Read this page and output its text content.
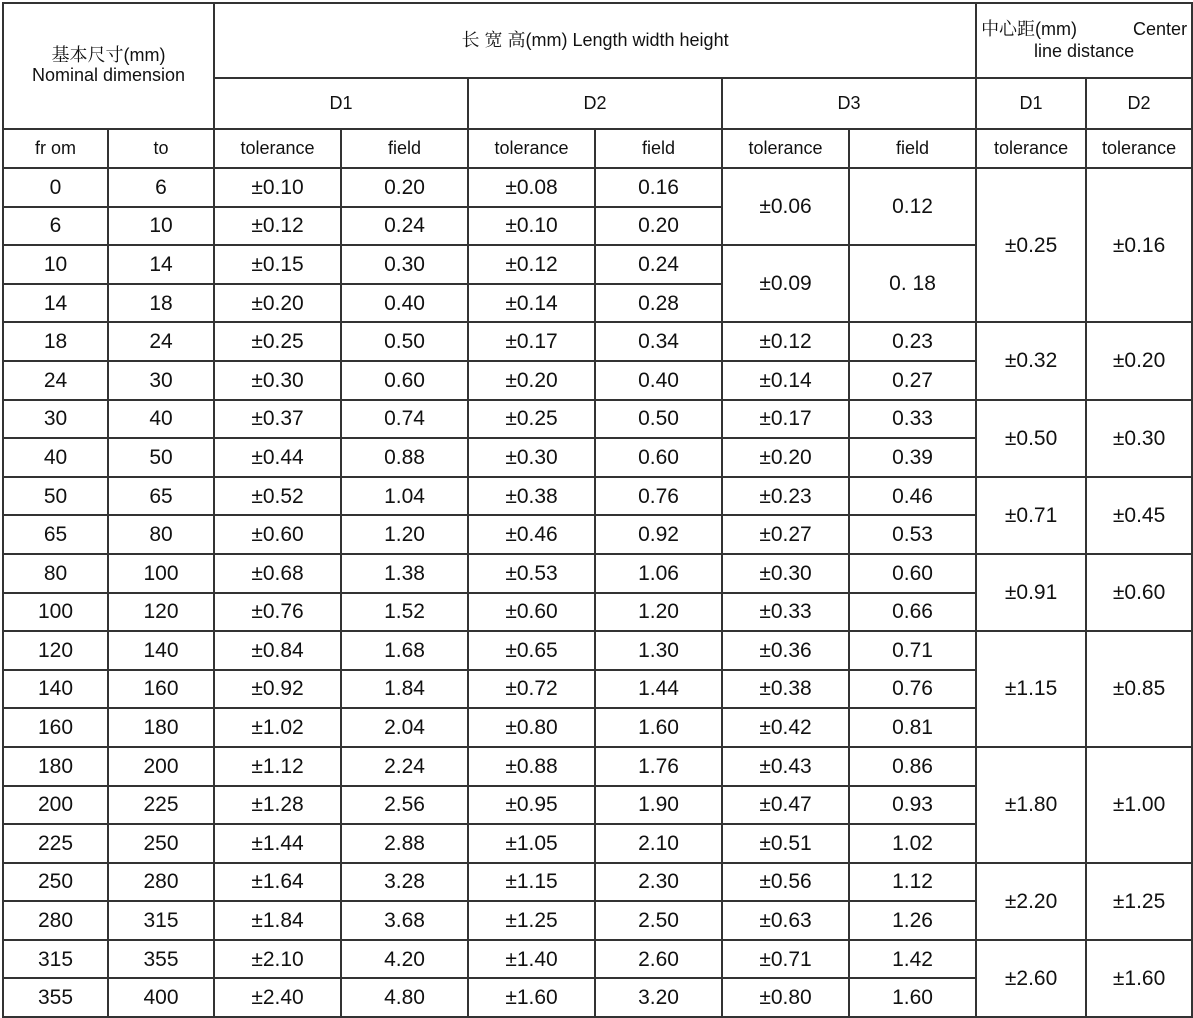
基本尺寸(mm)
Nominal dimension		长 宽 高(mm) Length width height						中心距(mm) Center
line distance	

		D1		D2		D3		D1	D2
fr om	to	tolerance	field	tolerance	field	tolerance	field	tolerance	tolerance
0	6	±0.10	0.20	±0.08	0.16	±0.06	0.12	±0.25	±0.16
6	10	±0.12	0.24	±0.10	0.20				
10	14	±0.15	0.30	±0.12	0.24	±0.09	0. 18		
14	18	±0.20	0.40	±0.14	0.28				
18	24	±0.25	0.50	±0.17	0.34	±0.12	0.23	±0.32	±0.20
24	30	±0.30	0.60	±0.20	0.40	±0.14	0.27		
30	40	±0.37	0.74	±0.25	0.50	±0.17	0.33	±0.50	±0.30
40	50	±0.44	0.88	±0.30	0.60	±0.20	0.39		
50	65	±0.52	1.04	±0.38	0.76	±0.23	0.46	±0.71	±0.45
65	80	±0.60	1.20	±0.46	0.92	±0.27	0.53		
80	100	±0.68	1.38	±0.53	1.06	±0.30	0.60	±0.91	±0.60
100	120	±0.76	1.52	±0.60	1.20	±0.33	0.66		
120	140	±0.84	1.68	±0.65	1.30	±0.36	0.71	±1.15	±0.85
140	160	±0.92	1.84	±0.72	1.44	±0.38	0.76		
160	180	±1.02	2.04	±0.80	1.60	±0.42	0.81		
180	200	±1.12	2.24	±0.88	1.76	±0.43	0.86	±1.80	±1.00
200	225	±1.28	2.56	±0.95	1.90	±0.47	0.93		
225	250	±1.44	2.88	±1.05	2.10	±0.51	1.02		
250	280	±1.64	3.28	±1.15	2.30	±0.56	1.12	±2.20	±1.25
280	315	±1.84	3.68	±1.25	2.50	±0.63	1.26		
315	355	±2.10	4.20	±1.40	2.60	±0.71	1.42	±2.60	±1.60
355	400	±2.40	4.80	±1.60	3.20	±0.80	1.60		
